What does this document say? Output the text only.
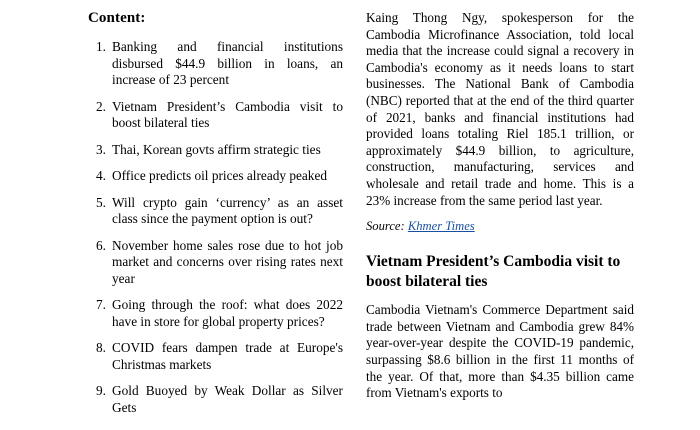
Content:
1. Banking and financial institutions disbursed $44.9 billion in loans, an increase of 23 percent
2. Vietnam President’s Cambodia visit to boost bilateral ties
3. Thai, Korean govts affirm strategic ties
4. Office predicts oil prices already peaked
5. Will crypto gain ‘currency’ as an asset class since the payment option is out?
6. November home sales rose due to hot job market and concerns over rising rates next year
7. Going through the roof: what does 2022 have in store for global property prices?
8. COVID fears dampen trade at Europe's Christmas markets
9. Gold Buoyed by Weak Dollar as Silver Gets

Kaing Thong Ngy, spokesperson for the Cambodia Microfinance Association, told local media that the increase could signal a recovery in Cambodia's economy as it needs loans to start businesses. The National Bank of Cambodia (NBC) reported that at the end of the third quarter of 2021, banks and financial institutions had provided loans totaling Riel 185.1 trillion, or approximately $44.9 billion, to agriculture, construction, manufacturing, services and wholesale and retail trade and home. This is a 23% increase from the same period last year.

Source: Khmer Times
Vietnam President’s Cambodia visit to boost bilateral ties

Cambodia Vietnam's Commerce Department said trade between Vietnam and Cambodia grew 84% year-over-year despite the COVID-19 pandemic, surpassing $8.6 billion in the first 11 months of the year. Of that, more than $4.35 billion came from Vietnam's exports to
